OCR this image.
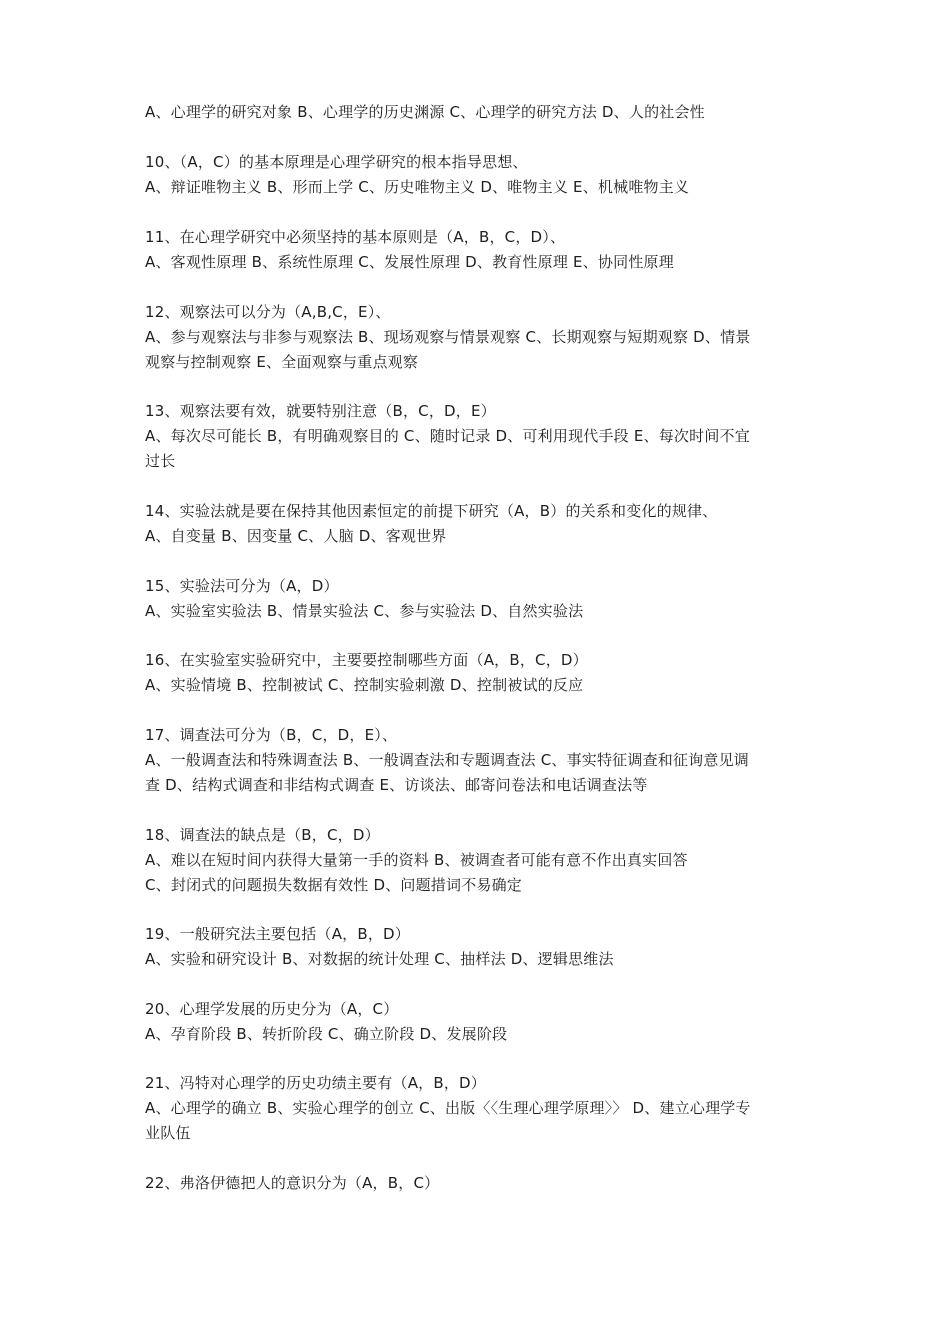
A、心理学的研究对象 B、心理学的历史渊源 C、心理学的研究方法 D、人的社会性
10、（A，C）的基本原理是心理学研究的根本指导思想、
A、辩证唯物主义 B、形而上学 C、历史唯物主义 D、唯物主义 E、机械唯物主义
11、在心理学研究中必须坚持的基本原则是（A，B，C，D）、
A、客观性原理 B、系统性原理 C、发展性原理 D、教育性原理 E、协同性原理
12、观察法可以分为（A,B,C，E）、
A、参与观察法与非参与观察法 B、现场观察与情景观察 C、长期观察与短期观察 D、情景
观察与控制观察 E、全面观察与重点观察
13、观察法要有效，就要特别注意（B，C，D，E）
A、每次尽可能长 B，有明确观察目的 C、随时记录 D、可利用现代手段 E、每次时间不宜
过长
14、实验法就是要在保持其他因素恒定的前提下研究（A，B）的关系和变化的规律、
A、自变量 B、因变量 C、人脑 D、客观世界
15、实验法可分为（A，D）
A、实验室实验法 B、情景实验法 C、参与实验法 D、自然实验法
16、在实验室实验研究中，主要要控制哪些方面（A，B，C，D）
A、实验情境 B、控制被试 C、控制实验刺激 D、控制被试的反应
17、调查法可分为（B，C，D，E）、
A、一般调查法和特殊调查法 B、一般调查法和专题调查法 C、事实特征调查和征询意见调
查 D、结构式调查和非结构式调查 E、访谈法、邮寄问卷法和电话调查法等
18、调查法的缺点是（B，C，D）
A、难以在短时间内获得大量第一手的资料 B、被调查者可能有意不作出真实回答
C、封闭式的问题损失数据有效性 D、问题措词不易确定
19、一般研究法主要包括（A，B，D）
A、实验和研究设计 B、对数据的统计处理 C、抽样法 D、逻辑思维法
20、心理学发展的历史分为（A，C）
A、孕育阶段 B、转折阶段 C、确立阶段 D、发展阶段
21、冯特对心理学的历史功绩主要有（A，B，D）
A、心理学的确立 B、实验心理学的创立 C、出版〈〈生理心理学原理〉〉 D、建立心理学专
业队伍
22、弗洛伊德把人的意识分为（A，B，C）
